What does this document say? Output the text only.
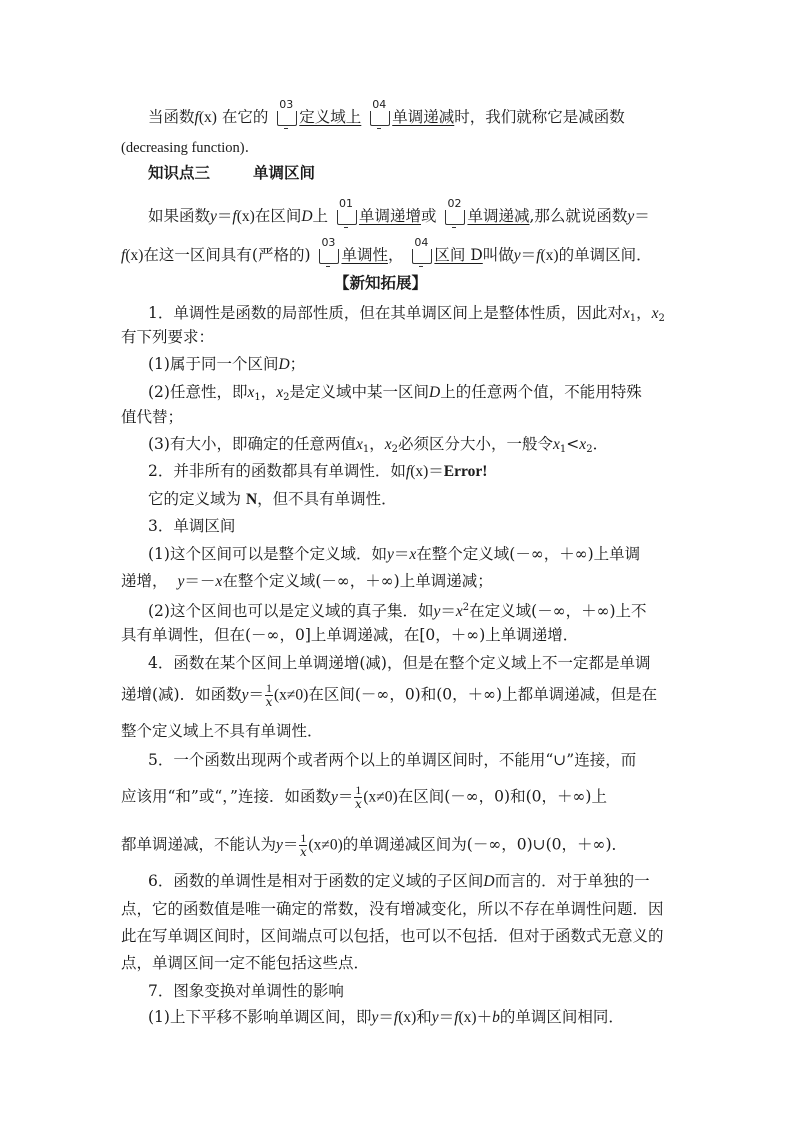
当函数f(x) 在它的
03
定义域上
04
单调递减时，我们就称它是减函数
(decreasing function)．
知识点三	单调区间
如果函数y＝f(x)在区间D上
01
单调递增或
02
单调递减,那么就说函数y＝
f(x)在这一区间具有(严格的)
03
单调性，
04
区间 D叫做y＝f(x)的单调区间．
【新知拓展】
1．单调性是函数的局部性质，但在其单调区间上是整体性质，因此对$x_1$，$x_2$
有下列要求：
(1)属于同一个区间D；
(2)任意性，即$x_1$，$x_2$是定义域中某一区间D上的任意两个值，不能用特殊
值代替；
(3)有大小，即确定的任意两值$x_1$，$x_2$必须区分大小，一般令$x_1<x_2$．
2．并非所有的函数都具有单调性．如f(x)＝Error!
它的定义域为 N，但不具有单调性．
3．单调区间
(1)这个区间可以是整个定义域．如y＝x在整个定义域(－∞，＋∞)上单调
递增， y＝－x在整个定义域(－∞，＋∞)上单调递减；
(2)这个区间也可以是定义域的真子集．如$y=x^2$在定义域(－∞，＋∞)上不
具有单调性，但在(－∞，0]上单调递减，在[0，＋∞)上单调递增．
4．函数在某个区间上单调递增(减)，但是在整个定义域上不一定都是单调
递增(减)．如函数$y= \frac{1}{x} (x\ne 0)$在区间(－∞，0)和(0，＋∞)上都单调递减，但是在
整个定义域上不具有单调性．
5．一个函数出现两个或者两个以上的单调区间时，不能用“∪”连接，而
应该用“和”或“，”连接．如函数$y= \frac{1}{x} (x\ne 0)$在区间(－∞，0)和(0，＋∞)上
都单调递减，不能认为$y= \frac{1}{x} (x\ne 0)$的单调递减区间为(－∞，0)∪(0，＋∞)．
6．函数的单调性是相对于函数的定义域的子区间D而言的．对于单独的一
点，它的函数值是唯一确定的常数，没有增减变化，所以不存在单调性问题．因
此在写单调区间时，区间端点可以包括，也可以不包括．但对于函数式无意义的
点，单调区间一定不能包括这些点．
7．图象变换对单调性的影响
(1)上下平移不影响单调区间，即y＝f(x)和y＝f(x)＋b的单调区间相同．
